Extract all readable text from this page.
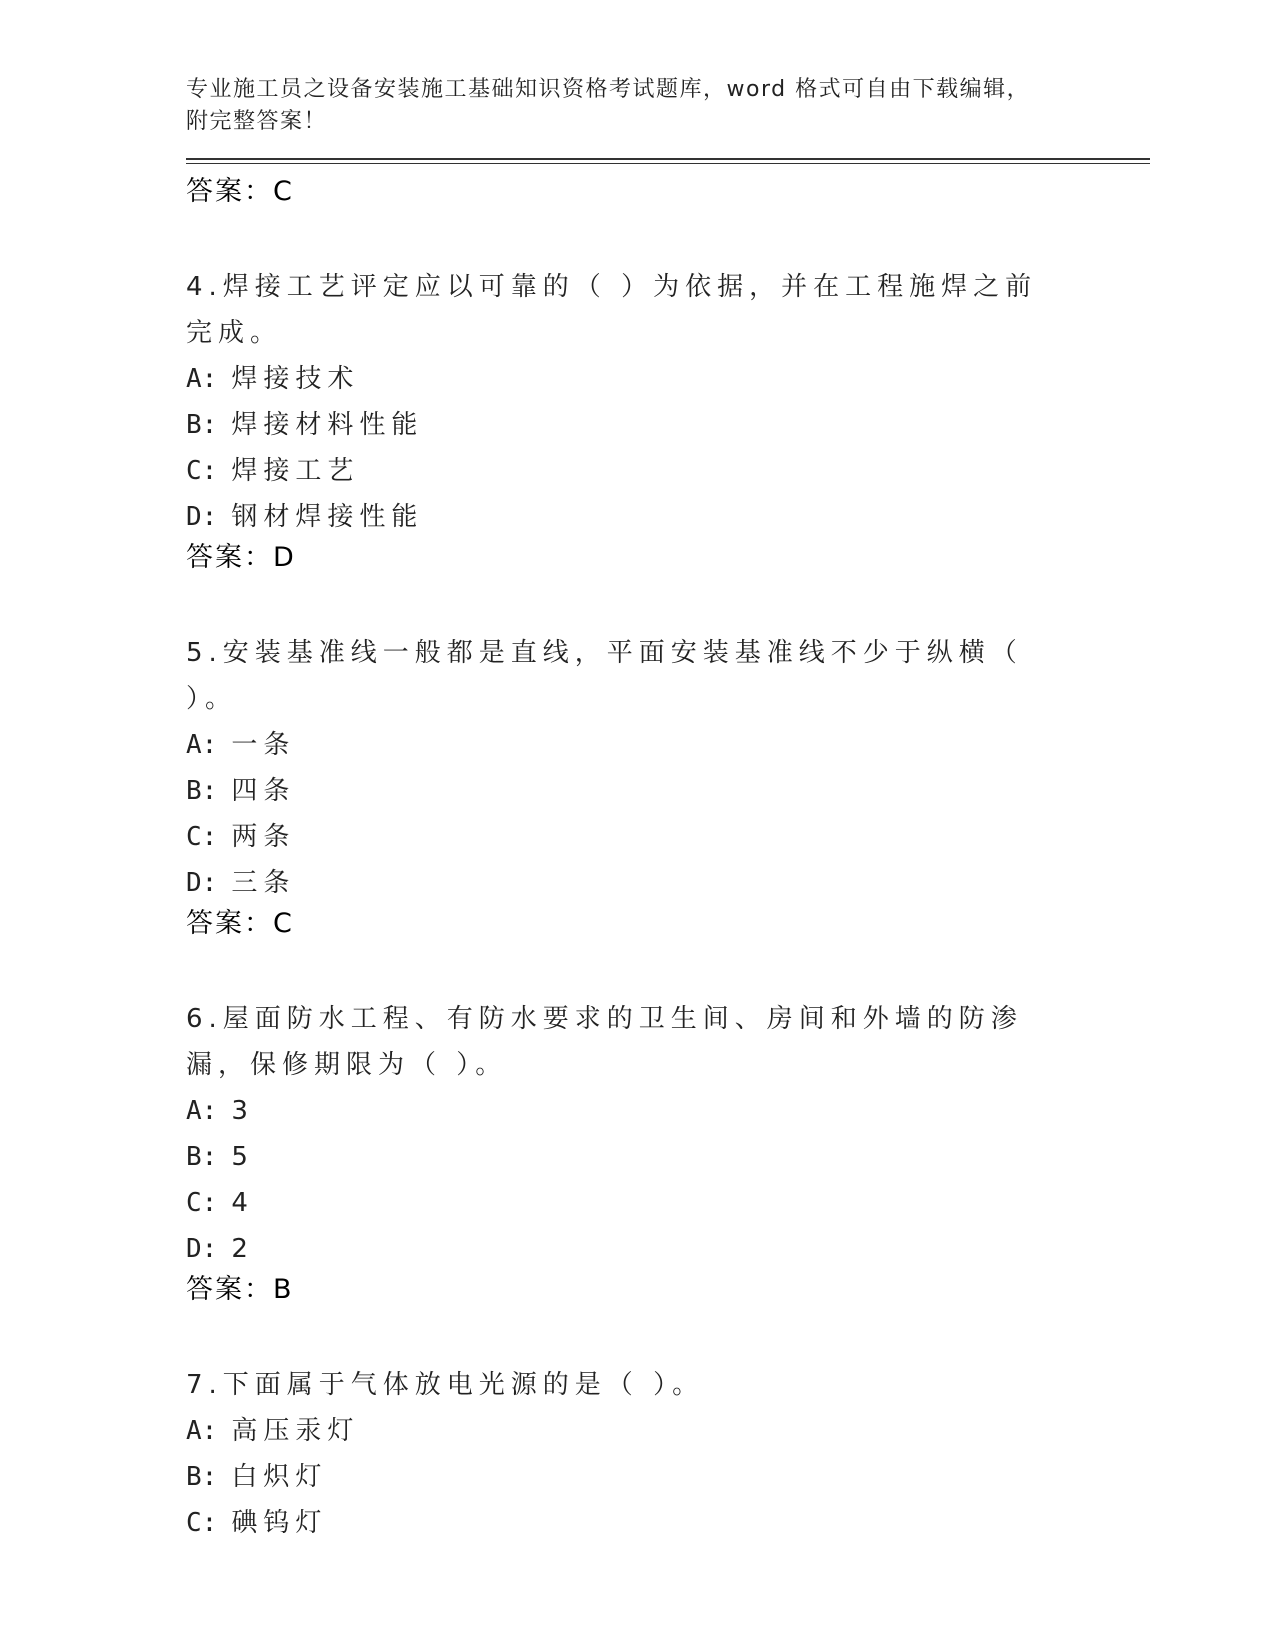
专业施工员之设备安装施工基础知识资格考试题库，word 格式可自由下载编辑，
附完整答案！
答案：C
4.焊接工艺评定应以可靠的（ ）为依据，并在工程施焊之前完成。
A: 焊接技术
B: 焊接材料性能
C: 焊接工艺
D: 钢材焊接性能
答案：D
5.安装基准线一般都是直线，平面安装基准线不少于纵横（ ）。
A: 一条
B: 四条
C: 两条
D: 三条
答案：C
6.屋面防水工程、有防水要求的卫生间、房间和外墙的防渗漏，保修期限为（ ）。
A: 3
B: 5
C: 4
D: 2
答案：B
7.下面属于气体放电光源的是（ ）。
A: 高压汞灯
B: 白炽灯
C: 碘钨灯
